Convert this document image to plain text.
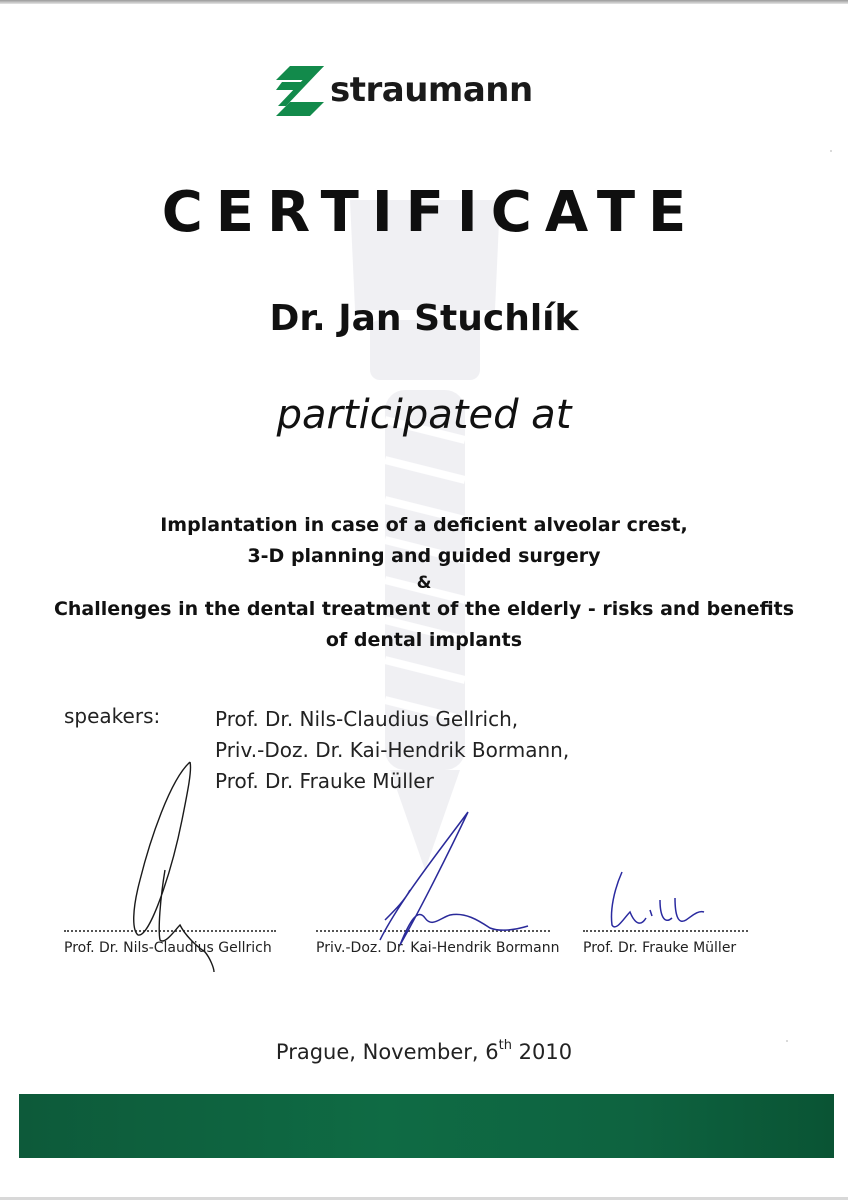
straumann
CERTIFICATE
Dr. Jan Stuchlík
participated at
Implantation in case of a deficient alveolar crest,
3-D planning and guided surgery
&
Challenges in the dental treatment of the elderly - risks and benefits
of dental implants
speakers:	Prof. Dr. Nils-Claudius Gellrich,
Priv.-Doz. Dr. Kai-Hendrik Bormann,
Prof. Dr. Frauke Müller
Prof. Dr. Nils-Claudius Gellrich	Priv.-Doz. Dr. Kai-Hendrik Bormann Prof. Dr. Frauke Müller
Prague, November, 6th 2010
